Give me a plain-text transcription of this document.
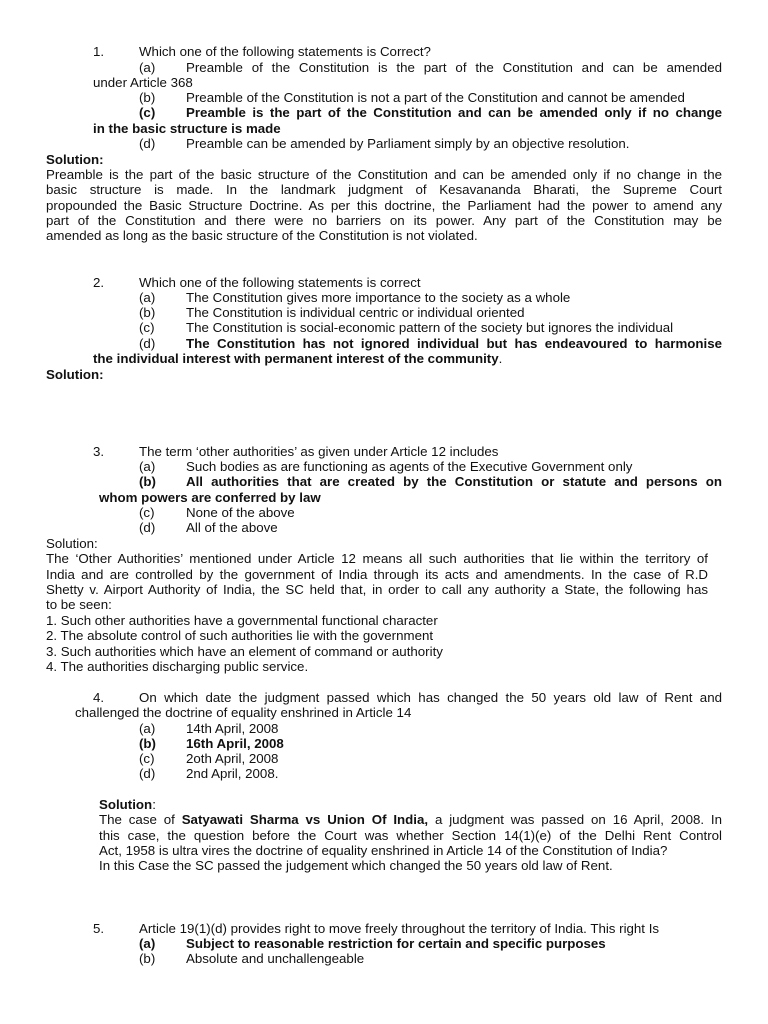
1.	Which one of the following statements is Correct?
(a) Preamble of the Constitution is the part of the Constitution and can be amended
under Article 368
(b) Preamble of the Constitution is not a part of the Constitution and cannot be amended
(c) Preamble is the part of the Constitution and can be amended only if no change
in the basic structure is made
(d) Preamble can be amended by Parliament simply by an objective resolution.
Solution:
Preamble is the part of the basic structure of the Constitution and can be amended only if no change in the
basic structure is made. In the landmark judgment of Kesavananda Bharati, the Supreme Court
propounded the Basic Structure Doctrine. As per this doctrine, the Parliament had the power to amend any
part of the Constitution and there were no barriers on its power. Any part of the Constitution may be
amended as long as the basic structure of the Constitution is not violated.
2.	Which one of the following statements is correct
(a) The Constitution gives more importance to the society as a whole
(b) The Constitution is individual centric or individual oriented
(c) The Constitution is social-economic pattern of the society but ignores the individual
(d) The Constitution has not ignored individual but has endeavoured to harmonise
the individual interest with permanent interest of the community.
Solution:
3.	The term ‘other authorities’ as given under Article 12 includes
(a) Such bodies as are functioning as agents of the Executive Government only
(b) All authorities that are created by the Constitution or statute and persons on
whom powers are conferred by law
(c) None of the above
(d) All of the above
Solution:
The ‘Other Authorities’ mentioned under Article 12 means all such authorities that lie within the territory of
India and are controlled by the government of India through its acts and amendments. In the case of R.D
Shetty v. Airport Authority of India, the SC held that, in order to call any authority a State, the following has
to be seen:
1. Such other authorities have a governmental functional character
2. The absolute control of such authorities lie with the government
3. Such authorities which have an element of command or authority
4. The authorities discharging public service.
4.	On which date the judgment passed which has changed the 50 years old law of Rent and
challenged the doctrine of equality enshrined in Article 14
(a) 14th April, 2008
(b) 16th April, 2008
(c) 2oth April, 2008
(d) 2nd April, 2008.
Solution:
The case of Satyawati Sharma vs Union Of India, a judgment was passed on 16 April, 2008. In
this case, the question before the Court was whether Section 14(1)(e) of the Delhi Rent Control
Act, 1958 is ultra vires the doctrine of equality enshrined in Article 14 of the Constitution of India?
In this Case the SC passed the judgement which changed the 50 years old law of Rent.
5.	Article 19(1)(d) provides right to move freely throughout the territory of India. This right Is
(a) Subject to reasonable restriction for certain and specific purposes
(b) Absolute and unchallengeable
